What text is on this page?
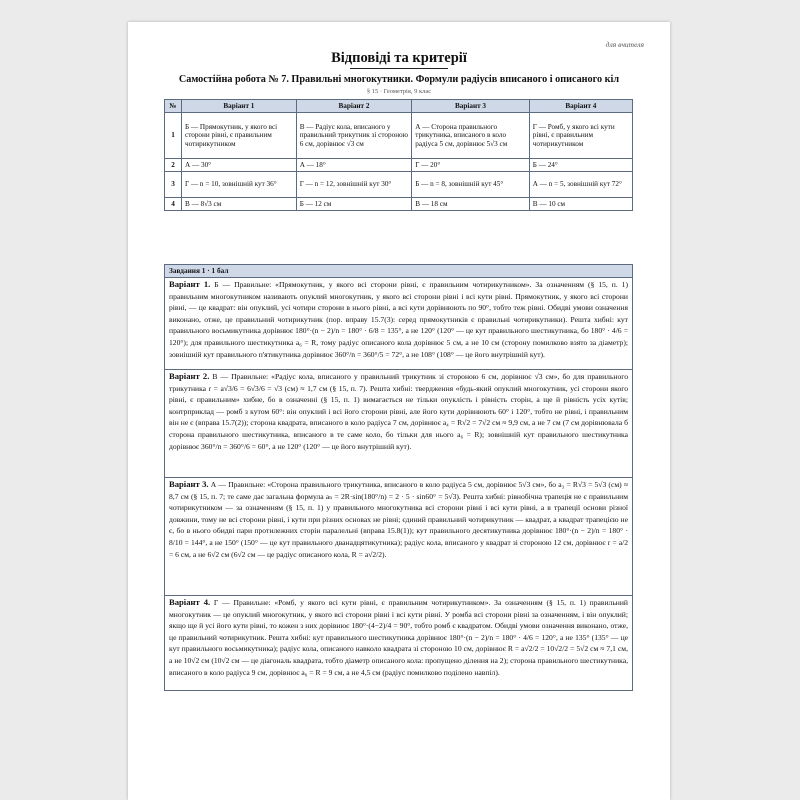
для вчителя
Відповіді та критерії
Самостійна робота № 7. Правильні многокутники. Формули радіусів вписаного і описаного кіл
§ 15 · Геометрія, 9 клас
№	Варіант 1	Варіант 2	Варіант 3	Варіант 4
1	Б — Прямокутник, у якого всі сторони рівні, є правильним чотирикутником	В — Радіус кола, вписаного у правильний трикутник зі стороною 6 см, дорівнює √3 см	А — Сторона правильного трикутника, вписаного в коло радіуса 5 см, дорівнює 5√3 см	Г — Ромб, у якого всі кути рівні, є правильним чотирикутником
2	А — 30°	А — 18°	Г — 20°	Б — 24°
3	Г — n = 10, зовнішній кут 36°	Г — n = 12, зовнішній кут 30°	Б — n = 8, зовнішній кут 45°	А — n = 5, зовнішній кут 72°
4	В — 8√3 см	Б — 12 см	В — 18 см	В — 10 см
Завдання 1 · 1 бал
Варіант 1. Б — Правильне: «Прямокутник, у якого всі сторони рівні, є правильним чотирикутником». За означенням (§ 15, п. 1) правильним многокутником називають опуклий многокутник, у якого всі сторони рівні і всі кути рівні. Прямокутник, у якого всі сторони рівні, — це квадрат: він опуклий, усі чотири сторони в нього рівні, а всі кути дорівнюють по 90°, тобто теж рівні. Обидві умови означення виконано, отже, це правильний чотирикутник (пор. вправу 15.7(3): серед прямокутників є правильні чотирикутники). Решта хибні: кут правильного восьмикутника дорівнює 180°·(n − 2)/n = 180° · 6/8 = 135°, а не 120° (120° — це кут правильного шестикутника, бо 180° · 4/6 = 120°); для правильного шестикутника a₆ = R, тому радіус описаного кола дорівнює 5 см, а не 10 см (сторону помилково взято за діаметр); зовнішній кут правильного п'ятикутника дорівнює 360°/n = 360°/5 = 72°, а не 108° (108° — це його внутрішній кут).
Варіант 2. В — Правильне: «Радіус кола, вписаного у правильний трикутник зі стороною 6 см, дорівнює √3 см», бо для правильного трикутника r = a√3/6 = 6√3/6 = √3 (см) ≈ 1,7 см (§ 15, п. 7). Решта хибні: твердження «будь-який опуклий многокутник, усі сторони якого рівні, є правильним» хибне, бо в означенні (§ 15, п. 1) вимагається не тільки опуклість і рівність сторін, а ще й рівність усіх кутів; контрприклад — ромб з кутом 60°: він опуклий і всі його сторони рівні, але його кути дорівнюють 60° і 120°, тобто не рівні, і правильним він не є (вправа 15.7(2)); сторона квадрата, вписаного в коло радіуса 7 см, дорівнює a₄ = R√2 = 7√2 см ≈ 9,9 см, а не 7 см (7 см дорівнювала б сторона правильного шестикутника, вписаного в те саме коло, бо тільки для нього a₆ = R); зовнішній кут правильного шестикутника дорівнює 360°/n = 360°/6 = 60°, а не 120° (120° — це його внутрішній кут).
Варіант 3. А — Правильне: «Сторона правильного трикутника, вписаного в коло радіуса 5 см, дорівнює 5√3 см», бо a₃ = R√3 = 5√3 (см) ≈ 8,7 см (§ 15, п. 7; те саме дає загальна формула aₙ = 2R·sin(180°/n) = 2 · 5 · sin60° = 5√3). Решта хибні: рівнобічна трапеція не є правильним чотирикутником — за означенням (§ 15, п. 1) у правильного многокутника всі сторони рівні і всі кути рівні, а в трапеції основи різної довжини, тому не всі сторони рівні, і кути при різних основах не рівні; єдиний правильний чотирикутник — квадрат, а квадрат трапецією не є, бо в нього обидві пари протилежних сторін паралельні (вправа 15.8(1)); кут правильного десятикутника дорівнює 180°·(n − 2)/n = 180° · 8/10 = 144°, а не 150° (150° — це кут правильного дванадцятикутника); радіус кола, вписаного у квадрат зі стороною 12 см, дорівнює r = a/2 = 6 см, а не 6√2 см (6√2 см — це радіус описаного кола, R = a√2/2).
Варіант 4. Г — Правильне: «Ромб, у якого всі кути рівні, є правильним чотирикутником». За означенням (§ 15, п. 1) правильний многокутник — це опуклий многокутник, у якого всі сторони рівні і всі кути рівні. У ромба всі сторони рівні за означенням, і він опуклий; якщо ще й усі його кути рівні, то кожен з них дорівнює 180°·(4−2)/4 = 90°, тобто ромб є квадратом. Обидві умови означення виконано, отже, це правильний чотирикутник. Решта хибні: кут правильного шестикутника дорівнює 180°·(n − 2)/n = 180° · 4/6 = 120°, а не 135° (135° — це кут правильного восьмикутника); радіус кола, описаного навколо квадрата зі стороною 10 см, дорівнює R = a√2/2 = 10√2/2 = 5√2 см ≈ 7,1 см, а не 10√2 см (10√2 см — це діагональ квадрата, тобто діаметр описаного кола: пропущено ділення на 2); сторона правильного шестикутника, вписаного в коло радіуса 9 см, дорівнює a₆ = R = 9 см, а не 4,5 см (радіус помилково поділено навпіл).
